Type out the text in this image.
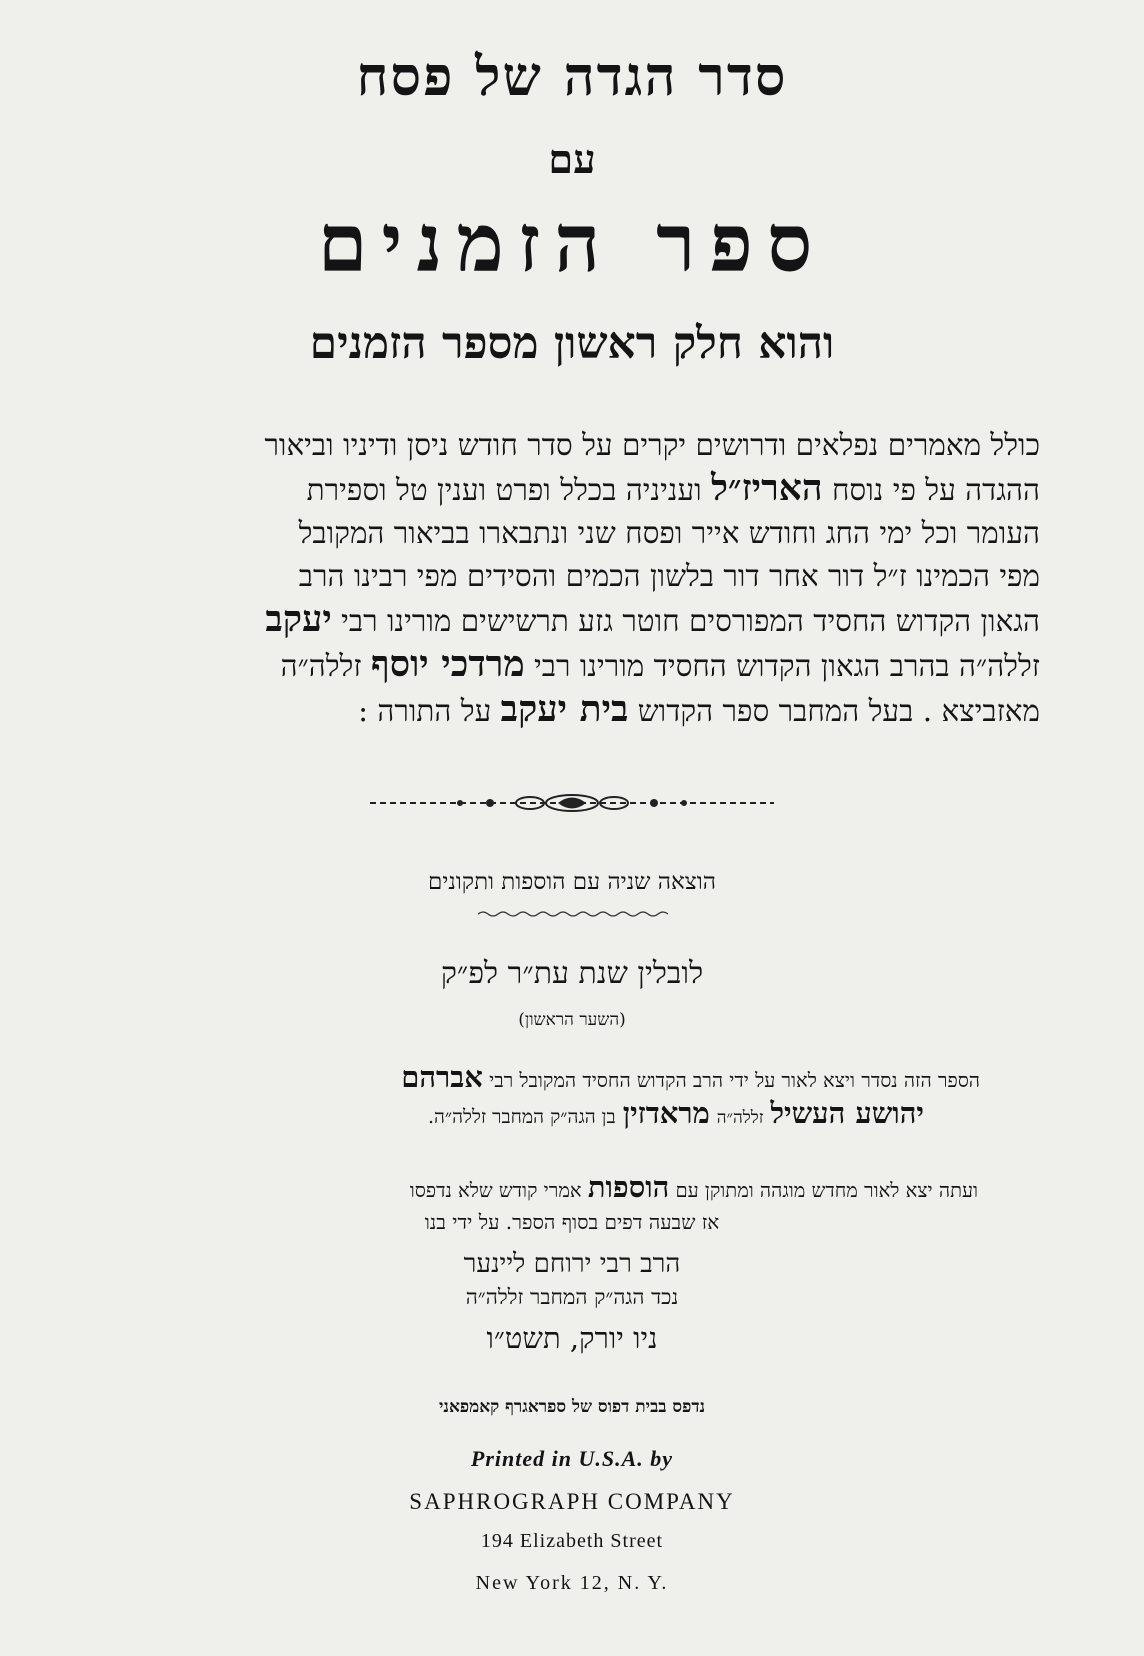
סדר הגדה של פסח
עם
ספר הזמנים
והוא חלק ראשון מספר הזמנים
כולל מאמרים נפלאים ודרושים יקרים על סדר חודש ניסן ודיניו וביאור
ההגדה על פי נוסח האריז״ל ועניניה בכלל ופרט וענין טל וספירת
העומר וכל ימי החג וחודש אייר ופסח שני ונתבארו בביאור המקובל
מפי הכמינו ז״ל דור אחר דור בלשון הכמים והסידים מפי רבינו הרב
הגאון הקדוש החסיד המפורסים חוטר גזע תרשישים מורינו רבי יעקב
זללה״ה בהרב הגאון הקדוש החסיד מורינו רבי מרדכי יוסף זללה״ה
מאזביצא . בעל המחבר ספר הקדוש בית יעקב על התורה :
הוצאה שניה עם הוספות ותקונים
לובלין שנת עת״ר לפ״ק
(השער הראשון)
הספר הזה נסדר ויצא לאור על ידי הרב הקדוש החסיד המקובל רבי אברהם
יהושע העשיל זללה״ה מראדזין בן הגה״ק המחבר זללה״ה.
ועתה יצא לאור מחדש מוגהה ומתוקן עם הוספות אמרי קודש שלא נדפסו
אז שבעה דפים בסוף הספר. על ידי בנו
הרב רבי ירוחם ליינער
נכד הגה״ק המחבר זללה״ה
ניו יורק, תשט״ו
נדפס בבית דפוס של ספראגרף קאמפאני
Printed in U.S.A. by
SAPHROGRAPH COMPANY
194 Elizabeth Street
New York 12, N. Y.
